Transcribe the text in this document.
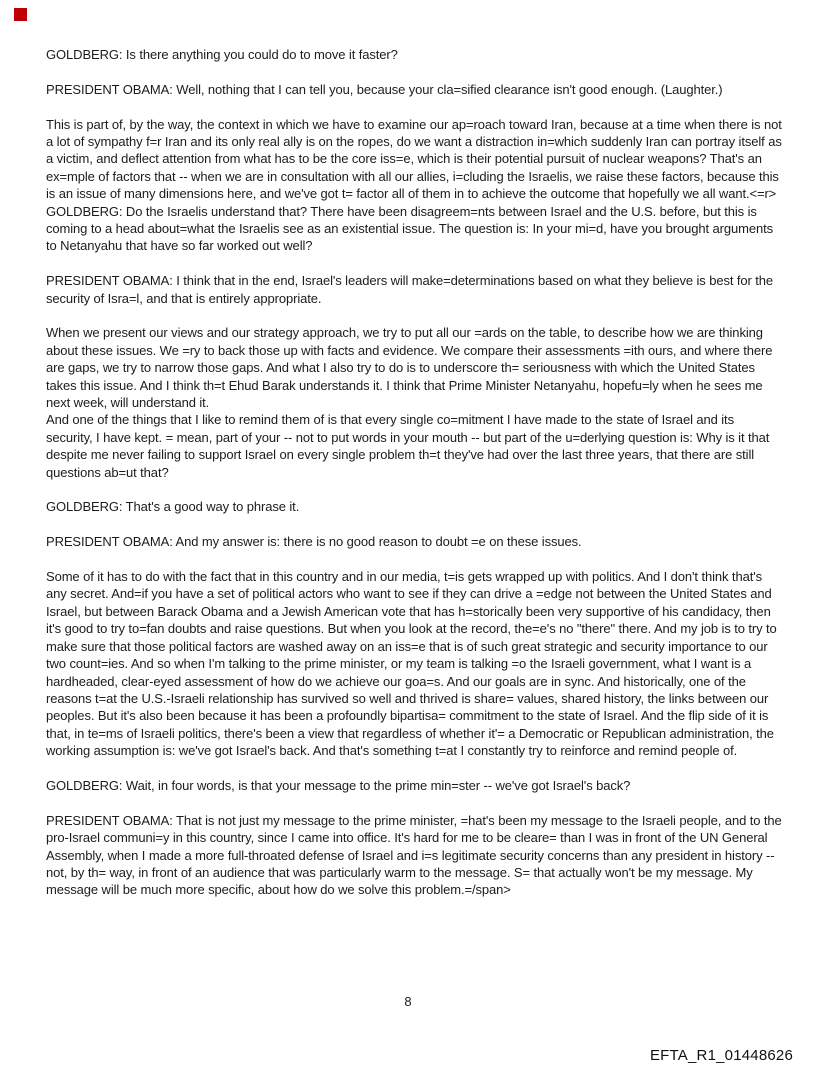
GOLDBERG: Is there anything you could do to move it faster?

PRESIDENT OBAMA: Well, nothing that I can tell you, because your cla=sified clearance isn't good enough. (Laughter.)

This is part of, by the way, the context in which we have to examine our ap=roach toward Iran, because at a time when there is not a lot of sympathy f=r Iran and its only real ally is on the ropes, do we want a distraction in=which suddenly Iran can portray itself as a victim, and deflect attention from what has to be the core iss=e, which is their potential pursuit of nuclear weapons? That's an ex=mple of factors that -- when we are in consultation with all our allies, i=cluding the Israelis, we raise these factors, because this is an issue of many dimensions here, and we've got t= factor all of them in to achieve the outcome that hopefully we all want.<=r>

GOLDBERG: Do the Israelis understand that? There have been disagreem=nts between Israel and the U.S. before, but this is coming to a head about=what the Israelis see as an existential issue. The question is: In your mi=d, have you brought arguments to Netanyahu that have so far worked out well?

PRESIDENT OBAMA: I think that in the end, Israel's leaders will make=determinations based on what they believe is best for the security of Isra=l, and that is entirely appropriate.

When we present our views and our strategy approach, we try to put all our =ards on the table, to describe how we are thinking about these issues. We =ry to back those up with facts and evidence. We compare their assessments =ith ours, and where there are gaps, we try to narrow those gaps. And what I also try to do is to underscore th= seriousness with which the United States takes this issue. And I think th=t Ehud Barak understands it. I think that Prime Minister Netanyahu, hopefu=ly when he sees me next week, will understand it.

And one of the things that I like to remind them of is that every single co=mitment I have made to the state of Israel and its security, I have kept. = mean, part of your -- not to put words in your mouth -- but part of the u=derlying question is: Why is it that despite me never failing to support Israel on every single problem th=t they've had over the last three years, that there are still questions ab=ut that?

GOLDBERG: That's a good way to phrase it.

PRESIDENT OBAMA: And my answer is: there is no good reason to doubt =e on these issues.

Some of it has to do with the fact that in this country and in our media, t=is gets wrapped up with politics. And I don't think that's any secret. And=if you have a set of political actors who want to see if they can drive a =edge not between the United States and Israel, but between Barack Obama and a Jewish American vote that has h=storically been very supportive of his candidacy, then it's good to try to=fan doubts and raise questions. But when you look at the record, the=e's no "there" there. And my job is to try to make sure that those political factors are washed away on an iss=e that is of such great strategic and security importance to our two count=ies. And so when I'm talking to the prime minister, or my team is talking =o the Israeli government, what I want is a hardheaded, clear-eyed assessment of how do we achieve our goa=s. And our goals are in sync. And historically, one of the reasons t=at the U.S.-Israeli relationship has survived so well and thrived is share= values, shared history, the links between our peoples. But it's also been because it has been a profoundly bipartisa= commitment to the state of Israel. And the flip side of it is that, in te=ms of Israeli politics, there's been a view that regardless of whether it'= a Democratic or Republican administration, the working assumption is: we've got Israel's back. And that's something t=at I constantly try to reinforce and remind people of.

GOLDBERG: Wait, in four words, is that your message to the prime min=ster -- we've got Israel's back?

PRESIDENT OBAMA: That is not just my message to the prime minister, =hat's been my message to the Israeli people, and to the pro-Israel communi=y in this country, since I came into office. It's hard for me to be cleare= than I was in front of the UN General Assembly, when I made a more full-throated defense of Israel and i=s legitimate security concerns than any president in history -- not, by th= way, in front of an audience that was particularly warm to the message. S= that actually won't be my message. My message will be much more specific, about how do we solve this problem.=/span>

8
EFTA_R1_01448626
